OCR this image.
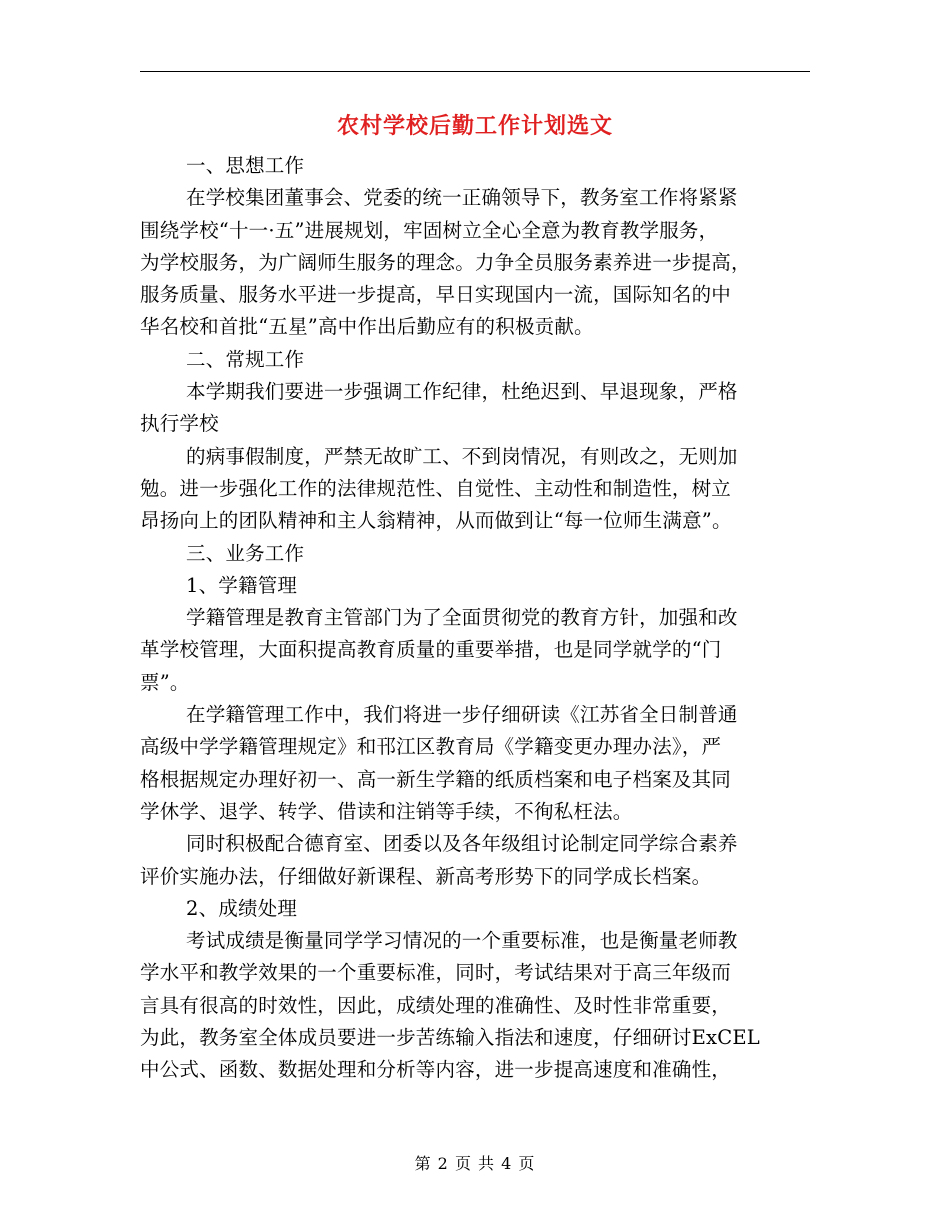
农村学校后勤工作计划选文
一、思想工作
在学校集团董事会、党委的统一正确领导下，教务室工作将紧紧
围绕学校“十一·五”进展规划，牢固树立全心全意为教育教学服务，
为学校服务，为广阔师生服务的理念。力争全员服务素养进一步提高，
服务质量、服务水平进一步提高，早日实现国内一流，国际知名的中
华名校和首批“五星”高中作出后勤应有的积极贡献。
二、常规工作
本学期我们要进一步强调工作纪律，杜绝迟到、早退现象，严格
执行学校
的病事假制度，严禁无故旷工、不到岗情况，有则改之，无则加
勉。进一步强化工作的法律规范性、自觉性、主动性和制造性，树立
昂扬向上的团队精神和主人翁精神，从而做到让“每一位师生满意”。
三、业务工作
1、学籍管理
学籍管理是教育主管部门为了全面贯彻党的教育方针，加强和改
革学校管理，大面积提高教育质量的重要举措，也是同学就学的“门
票”。
在学籍管理工作中，我们将进一步仔细研读《江苏省全日制普通
高级中学学籍管理规定》和邗江区教育局《学籍变更办理办法》，严
格根据规定办理好初一、高一新生学籍的纸质档案和电子档案及其同
学休学、退学、转学、借读和注销等手续，不徇私枉法。
同时积极配合德育室、团委以及各年级组讨论制定同学综合素养
评价实施办法，仔细做好新课程、新高考形势下的同学成长档案。
2、成绩处理
考试成绩是衡量同学学习情况的一个重要标准，也是衡量老师教
学水平和教学效果的一个重要标准，同时，考试结果对于高三年级而
言具有很高的时效性，因此，成绩处理的准确性、及时性非常重要，
为此，教务室全体成员要进一步苦练输入指法和速度，仔细研讨ExCEL
中公式、函数、数据处理和分析等内容，进一步提高速度和准确性，
第 2 页 共 4 页
